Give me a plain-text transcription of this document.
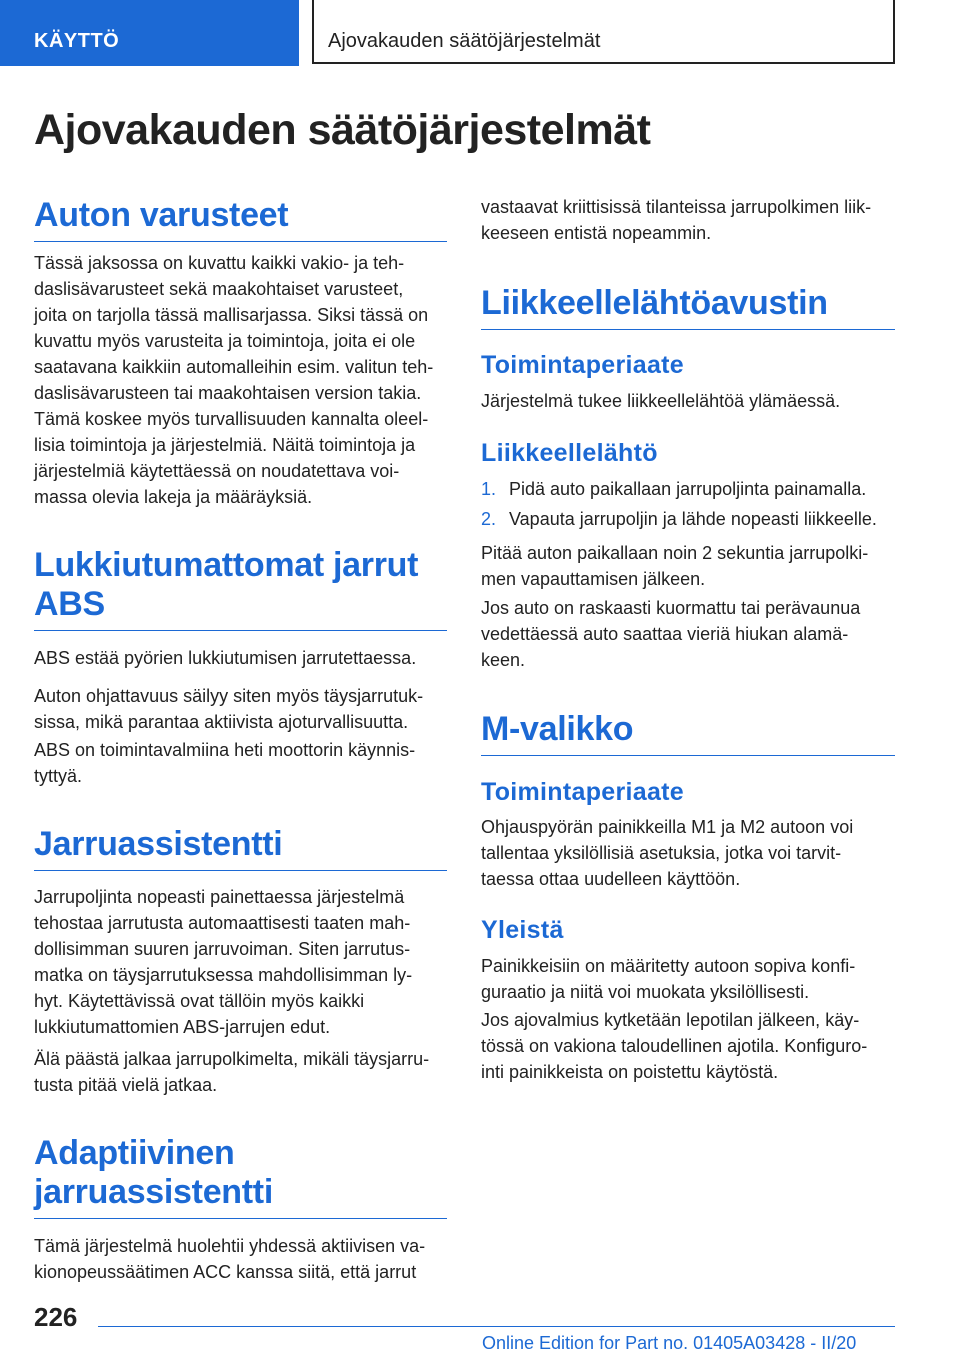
KÄYTTÖ	Ajovakauden säätöjärjestelmät
Ajovakauden säätöjärjestelmät
Auton varusteet

Tässä jaksossa on kuvattu kaikki vakio- ja teh-
daslisävarusteet sekä maakohtaiset varusteet,
joita on tarjolla tässä mallisarjassa. Siksi tässä on
kuvattu myös varusteita ja toimintoja, joita ei ole
saatavana kaikkiin automalleihin esim. valitun teh-
daslisävarusteen tai maakohtaisen version takia.
Tämä koskee myös turvallisuuden kannalta oleel-
lisia toimintoja ja järjestelmiä. Näitä toimintoja ja
järjestelmiä käytettäessä on noudatettava voi-
massa olevia lakeja ja määräyksiä.

Lukkiutumattomat jarrut
ABS

ABS estää pyörien lukkiutumisen jarrutettaessa.

Auton ohjattavuus säilyy siten myös täysjarrutuk-
sissa, mikä parantaa aktiivista ajoturvallisuutta.

ABS on toimintavalmiina heti moottorin käynnis-
tyttyä.

Jarruassistentti

Jarrupoljinta nopeasti painettaessa järjestelmä
tehostaa jarrutusta automaattisesti taaten mah-
dollisimman suuren jarruvoiman. Siten jarrutus-
matka on täysjarrutuksessa mahdollisimman ly-
hyt. Käytettävissä ovat tällöin myös kaikki
lukkiutumattomien ABS-jarrujen edut.

Älä päästä jalkaa jarrupolkimelta, mikäli täysjarru-
tusta pitää vielä jatkaa.

Adaptiivinen
jarruassistentti

Tämä järjestelmä huolehtii yhdessä aktiivisen va-
kionopeussäätimen ACC kanssa siitä, että jarrut

vastaavat kriittisissä tilanteissa jarrupolkimen liik-
keeseen entistä nopeammin.

Liikkeellelähtöavustin
Toimintaperiaate

Järjestelmä tukee liikkeellelähtöä ylämäessä.

Liikkeellelähtö
1. Pidä auto paikallaan jarrupoljinta painamalla.
2. Vapauta jarrupoljin ja lähde nopeasti liikkeelle.

Pitää auton paikallaan noin 2 sekuntia jarrupolki-
men vapauttamisen jälkeen.

Jos auto on raskaasti kuormattu tai perävaunua
vedettäessä auto saattaa vieriä hiukan alamä-
keen.

M-valikko
Toimintaperiaate

Ohjauspyörän painikkeilla M1 ja M2 autoon voi
tallentaa yksilöllisiä asetuksia, jotka voi tarvit-
taessa ottaa uudelleen käyttöön.

Yleistä

Painikkeisiin on määritetty autoon sopiva konfi-
guraatio ja niitä voi muokata yksilöllisesti.

Jos ajovalmius kytketään lepotilan jälkeen, käy-
tössä on vakiona taloudellinen ajotila. Konfiguro-
inti painikkeista on poistettu käytöstä.

226
Online Edition for Part no. 01405A03428 - II/20
